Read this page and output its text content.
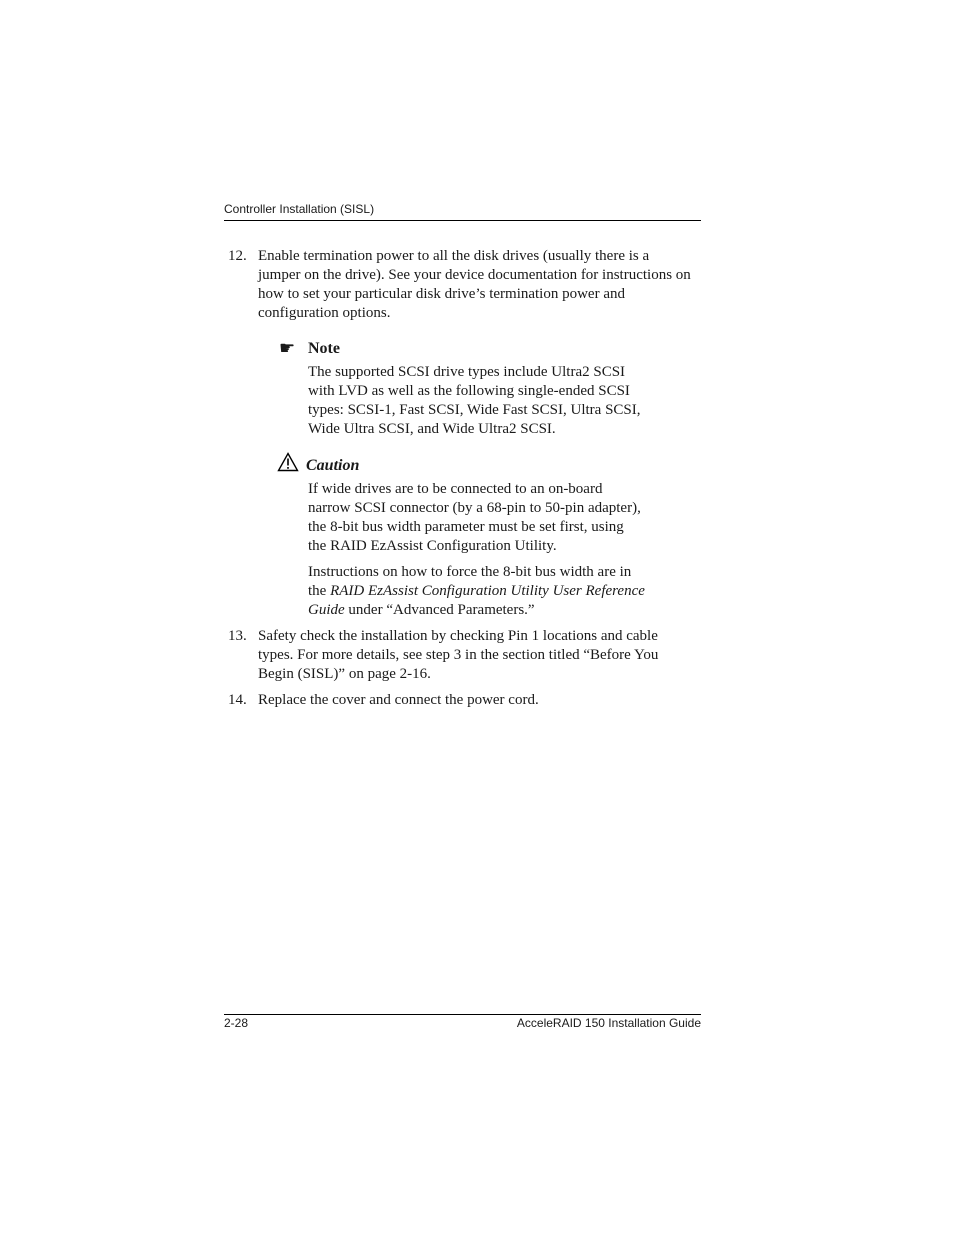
Controller Installation (SISL)
12. Enable termination power to all the disk drives (usually there is a jumper on the drive). See your device documentation for instructions on how to set your particular disk drive’s termination power and configuration options.
☛ Note
The supported SCSI drive types include Ultra2 SCSI with LVD as well as the following single-ended SCSI types: SCSI-1, Fast SCSI, Wide Fast SCSI, Ultra SCSI, Wide Ultra SCSI, and Wide Ultra2 SCSI.
Caution
If wide drives are to be connected to an on-board narrow SCSI connector (by a 68-pin to 50-pin adapter), the 8-bit bus width parameter must be set first, using the RAID EzAssist Configuration Utility.
Instructions on how to force the 8-bit bus width are in the RAID EzAssist Configuration Utility User Reference Guide under “Advanced Parameters.”
13. Safety check the installation by checking Pin 1 locations and cable types. For more details, see step 3 in the section titled “Before You Begin (SISL)” on page 2-16.
14. Replace the cover and connect the power cord.
2-28	AcceleRAID 150 Installation Guide
